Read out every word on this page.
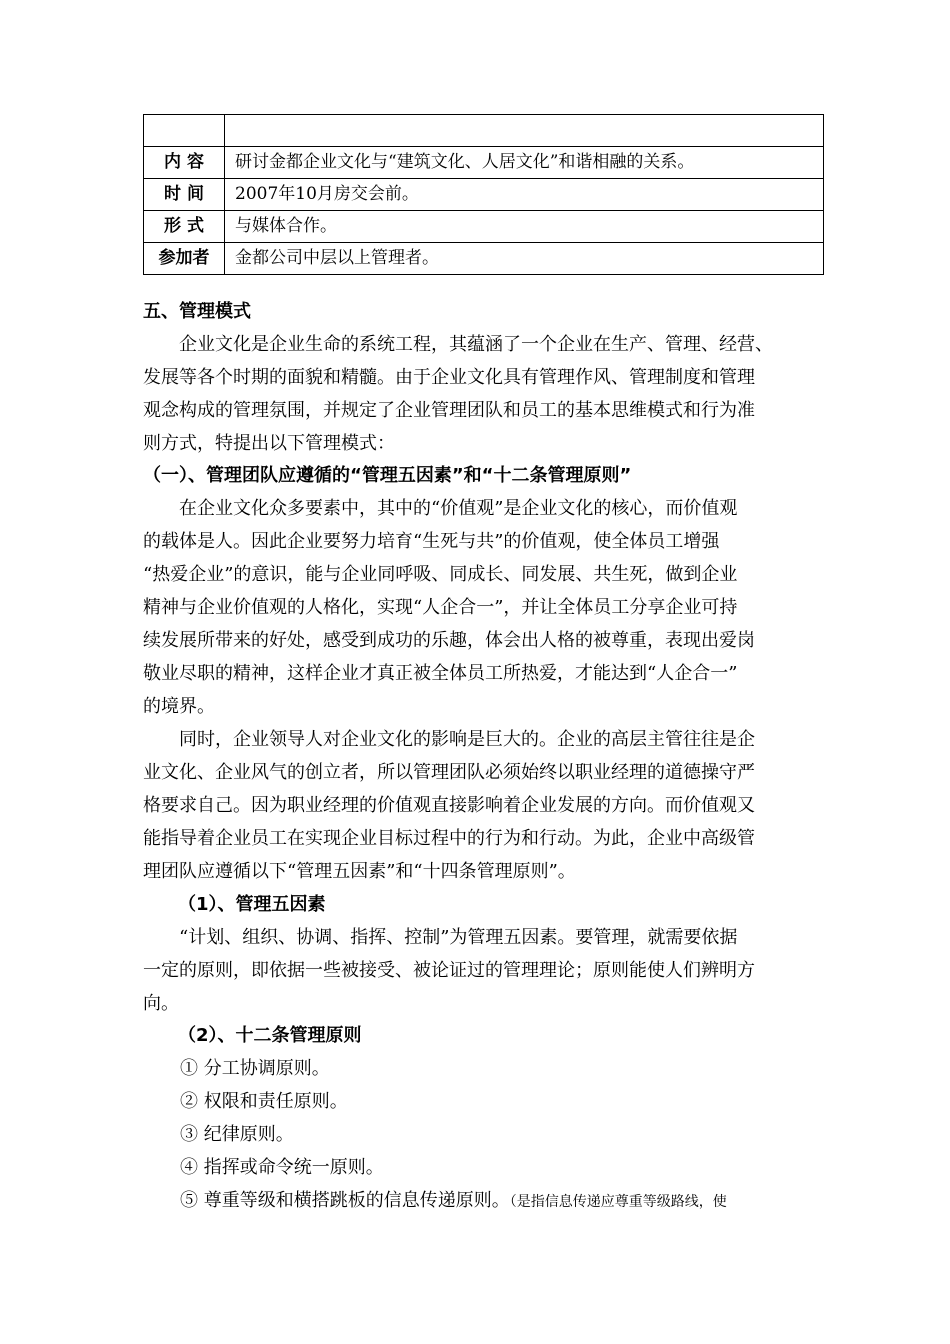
内 容	研讨金都企业文化与“建筑文化、人居文化”和谐相融的关系。
时 间	2007年10月房交会前。
形 式	与媒体合作。
参加者	金都公司中层以上管理者。
五、管理模式
　　企业文化是企业生命的系统工程，其蕴涵了一个企业在生产、管理、经营、
发展等各个时期的面貌和精髓。由于企业文化具有管理作风、管理制度和管理
观念构成的管理氛围，并规定了企业管理团队和员工的基本思维模式和行为准
则方式，特提出以下管理模式：
（一）、管理团队应遵循的“管理五因素”和“十二条管理原则”
　　在企业文化众多要素中，其中的“价值观”是企业文化的核心，而价值观
的载体是人。因此企业要努力培育“生死与共”的价值观，使全体员工增强
“热爱企业”的意识，能与企业同呼吸、同成长、同发展、共生死，做到企业
精神与企业价值观的人格化，实现“人企合一”，并让全体员工分享企业可持
续发展所带来的好处，感受到成功的乐趣，体会出人格的被尊重，表现出爱岗
敬业尽职的精神，这样企业才真正被全体员工所热爱，才能达到“人企合一”
的境界。
　　同时，企业领导人对企业文化的影响是巨大的。企业的高层主管往往是企
业文化、企业风气的创立者，所以管理团队必须始终以职业经理的道德操守严
格要求自己。因为职业经理的价值观直接影响着企业发展的方向。而价值观又
能指导着企业员工在实现企业目标过程中的行为和行动。为此，企业中高级管
理团队应遵循以下“管理五因素”和“十四条管理原则”。
（1）、管理五因素
　　“计划、组织、协调、指挥、控制”为管理五因素。要管理，就需要依据
一定的原则，即依据一些被接受、被论证过的管理理论；原则能使人们辨明方
向。
（2）、十二条管理原则
① 分工协调原则。
② 权限和责任原则。
③ 纪律原则。
④ 指挥或命令统一原则。
⑤ 尊重等级和横搭跳板的信息传递原则。（是指信息传递应尊重等级路线，使
